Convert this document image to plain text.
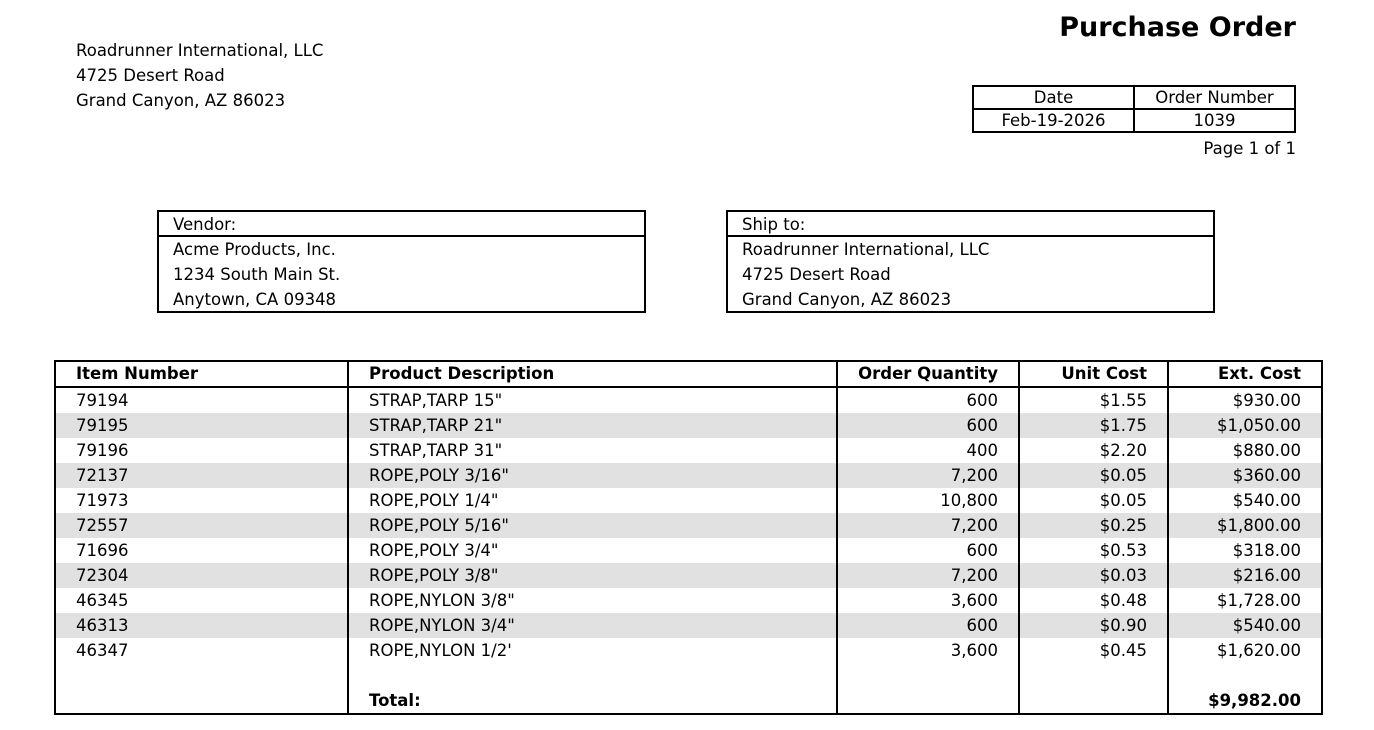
Purchase Order
Roadrunner International, LLC
4725 Desert Road
Grand Canyon, AZ 86023	Date	Order Number
Feb-19-2026	1039
Page 1 of 1
Vendor:
Acme Products, Inc.
1234 South Main St.
Anytown, CA 09348
Ship to:
Roadrunner International, LLC
4725 Desert Road
Grand Canyon, AZ 86023
Item Number	Product Description	Order Quantity	Unit Cost	Ext. Cost
79194	STRAP,TARP 15"	600	$1.55	$930.00
79195	STRAP,TARP 21"	600	$1.75	$1,050.00
79196	STRAP,TARP 31"	400	$2.20	$880.00
72137	ROPE,POLY 3/16"	7,200	$0.05	$360.00
71973	ROPE,POLY 1/4"	10,800	$0.05	$540.00
72557	ROPE,POLY 5/16"	7,200	$0.25	$1,800.00
71696	ROPE,POLY 3/4"	600	$0.53	$318.00
72304	ROPE,POLY 3/8"	7,200	$0.03	$216.00
46345	ROPE,NYLON 3/8"	3,600	$0.48	$1,728.00
46313	ROPE,NYLON 3/4"	600	$0.90	$540.00
46347	ROPE,NYLON 1/2'	3,600	$0.45	$1,620.00

	Total:			$9,982.00
